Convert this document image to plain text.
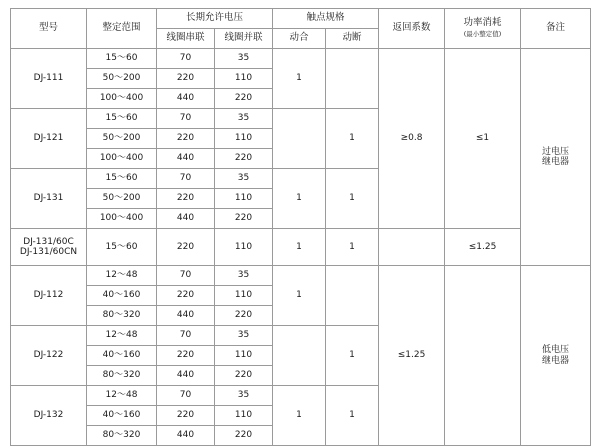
型号	整定范围	长期允许电压		触点规格		返回系数	功率消耗
(最小整定值)	备注
		线圈串联	线圈并联	动合	动断			
DJ-111	15～60	70	35	1		≥0.8	≤1	过电压
继电器
	50～200	220	110					
	100～400	440	220					
DJ-121	15～60	70	35		1			
	50～200	220	110					
	100～400	440	220					
DJ-131	15～60	70	35	1	1			
	50～200	220	110					
	100～400	440	220					
DJ-131/60C
DJ-131/60CN	15～60	220	110	1	1		≤1.25	
DJ-112	12～48	70	35	1		≤1.25		低电压
继电器
	40～160	220	110					
	80～320	440	220					
DJ-122	12～48	70	35		1			
	40～160	220	110					
	80～320	440	220					
DJ-132	12～48	70	35	1	1			
	40～160	220	110					
	80～320	440	220					
